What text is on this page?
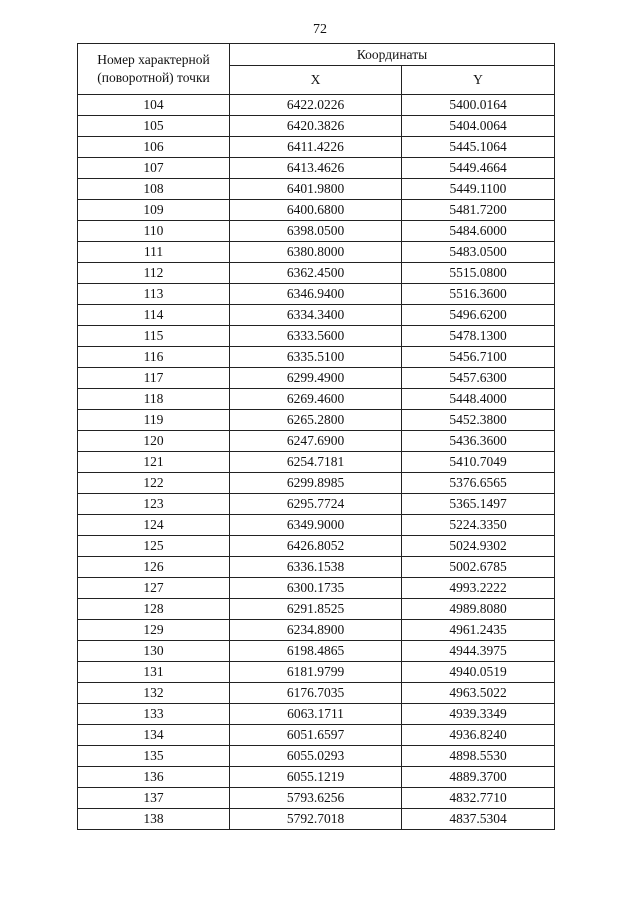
72
Номер характерной
(поворотной) точки	Координаты	
	X	Y
104	6422.0226	5400.0164
105	6420.3826	5404.0064
106	6411.4226	5445.1064
107	6413.4626	5449.4664
108	6401.9800	5449.1100
109	6400.6800	5481.7200
110	6398.0500	5484.6000
111	6380.8000	5483.0500
112	6362.4500	5515.0800
113	6346.9400	5516.3600
114	6334.3400	5496.6200
115	6333.5600	5478.1300
116	6335.5100	5456.7100
117	6299.4900	5457.6300
118	6269.4600	5448.4000
119	6265.2800	5452.3800
120	6247.6900	5436.3600
121	6254.7181	5410.7049
122	6299.8985	5376.6565
123	6295.7724	5365.1497
124	6349.9000	5224.3350
125	6426.8052	5024.9302
126	6336.1538	5002.6785
127	6300.1735	4993.2222
128	6291.8525	4989.8080
129	6234.8900	4961.2435
130	6198.4865	4944.3975
131	6181.9799	4940.0519
132	6176.7035	4963.5022
133	6063.1711	4939.3349
134	6051.6597	4936.8240
135	6055.0293	4898.5530
136	6055.1219	4889.3700
137	5793.6256	4832.7710
138	5792.7018	4837.5304
